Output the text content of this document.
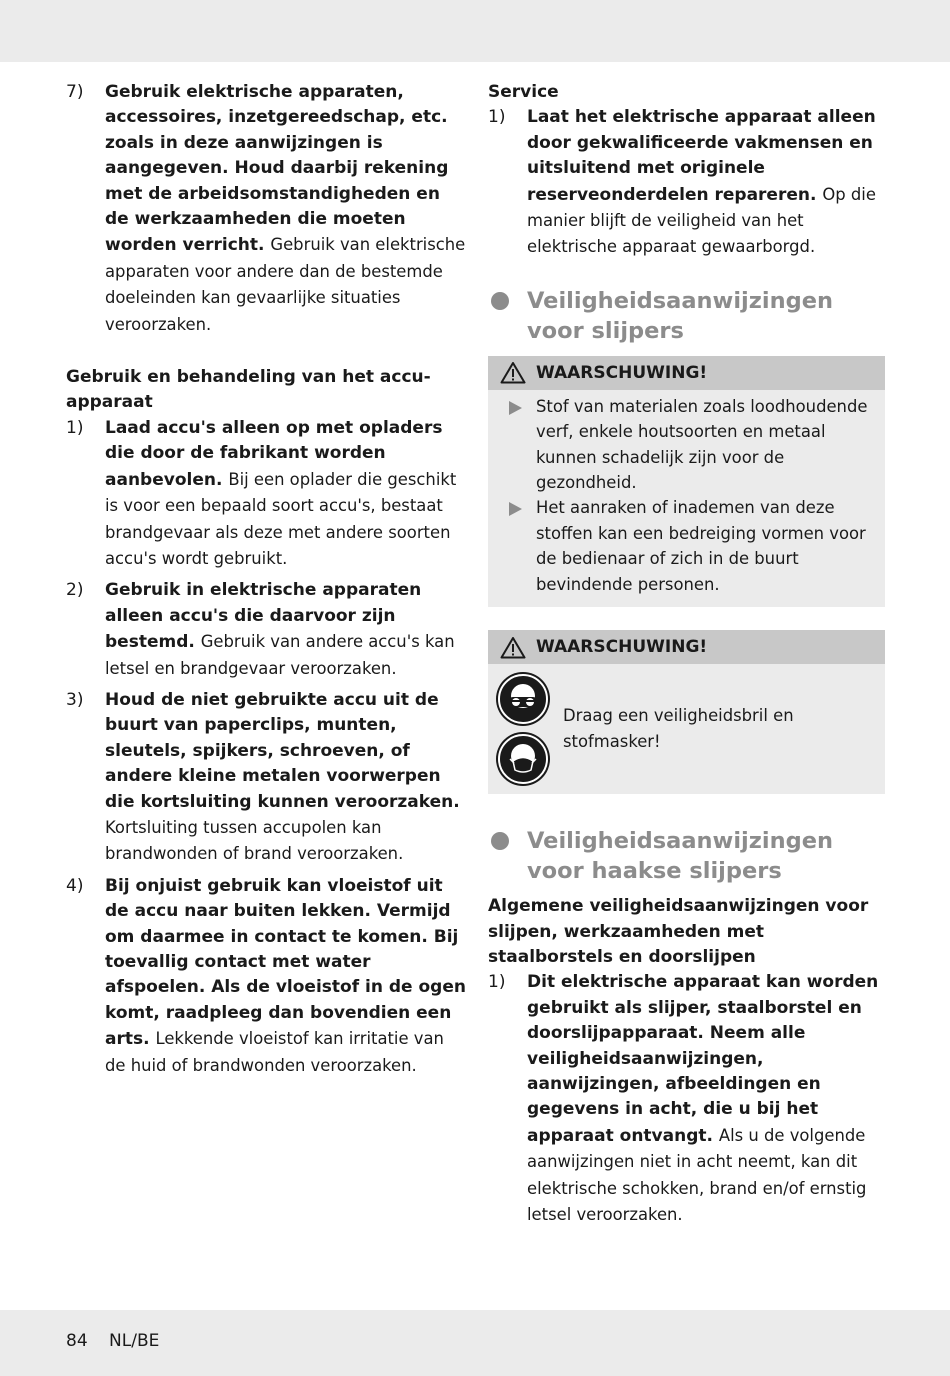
7) Gebruik elektrische apparaten, accessoires, inzetgereedschap, etc. zoals in deze aanwijzingen is aangegeven. Houd daarbij rekening met de arbeidsomstandigheden en de werkzaamheden die moeten worden verricht. Gebruik van elektrische apparaten voor andere dan de bestemde doeleinden kan gevaarlijke situaties veroorzaken.
Gebruik en behandeling van het accu-apparaat
1) Laad accu's alleen op met opladers die door de fabrikant worden aanbevolen. Bij een oplader die geschikt is voor een bepaald soort accu's, bestaat brandgevaar als deze met andere soorten accu's wordt gebruikt.
2) Gebruik in elektrische apparaten alleen accu's die daarvoor zijn bestemd. Gebruik van andere accu's kan letsel en brandgevaar veroorzaken.
3) Houd de niet gebruikte accu uit de buurt van paperclips, munten, sleutels, spijkers, schroeven, of andere kleine metalen voorwerpen die kortsluiting kunnen veroorzaken. Kortsluiting tussen accupolen kan brandwonden of brand veroorzaken.
4) Bij onjuist gebruik kan vloeistof uit de accu naar buiten lekken. Vermijd om daarmee in contact te komen. Bij toevallig contact met water afspoelen. Als de vloeistof in de ogen komt, raadpleeg dan bovendien een arts. Lekkende vloeistof kan irritatie van de huid of brandwonden veroorzaken.
Service
1) Laat het elektrische apparaat alleen door gekwalificeerde vakmensen en uitsluitend met originele reserveonderdelen repareren. Op die manier blijft de veiligheid van het elektrische apparaat gewaarborgd.
Veiligheidsaanwijzingen voor slijpers
WAARSCHUWING!
Stof van materialen zoals loodhoudende verf, enkele houtsoorten en metaal kunnen schadelijk zijn voor de gezondheid.
Het aanraken of inademen van deze stoffen kan een bedreiging vormen voor de bedienaar of zich in de buurt bevindende personen.
WAARSCHUWING!
Draag een veiligheidsbril en stofmasker!
Veiligheidsaanwijzingen voor haakse slijpers
Algemene veiligheidsaanwijzingen voor slijpen, werkzaamheden met staalborstels en doorslijpen
1) Dit elektrische apparaat kan worden gebruikt als slijper, staalborstel en doorslijpapparaat. Neem alle veiligheidsaanwijzingen, aanwijzingen, afbeeldingen en gegevens in acht, die u bij het apparaat ontvangt. Als u de volgende aanwijzingen niet in acht neemt, kan dit elektrische schokken, brand en/of ernstig letsel veroorzaken.
84 NL/BE
